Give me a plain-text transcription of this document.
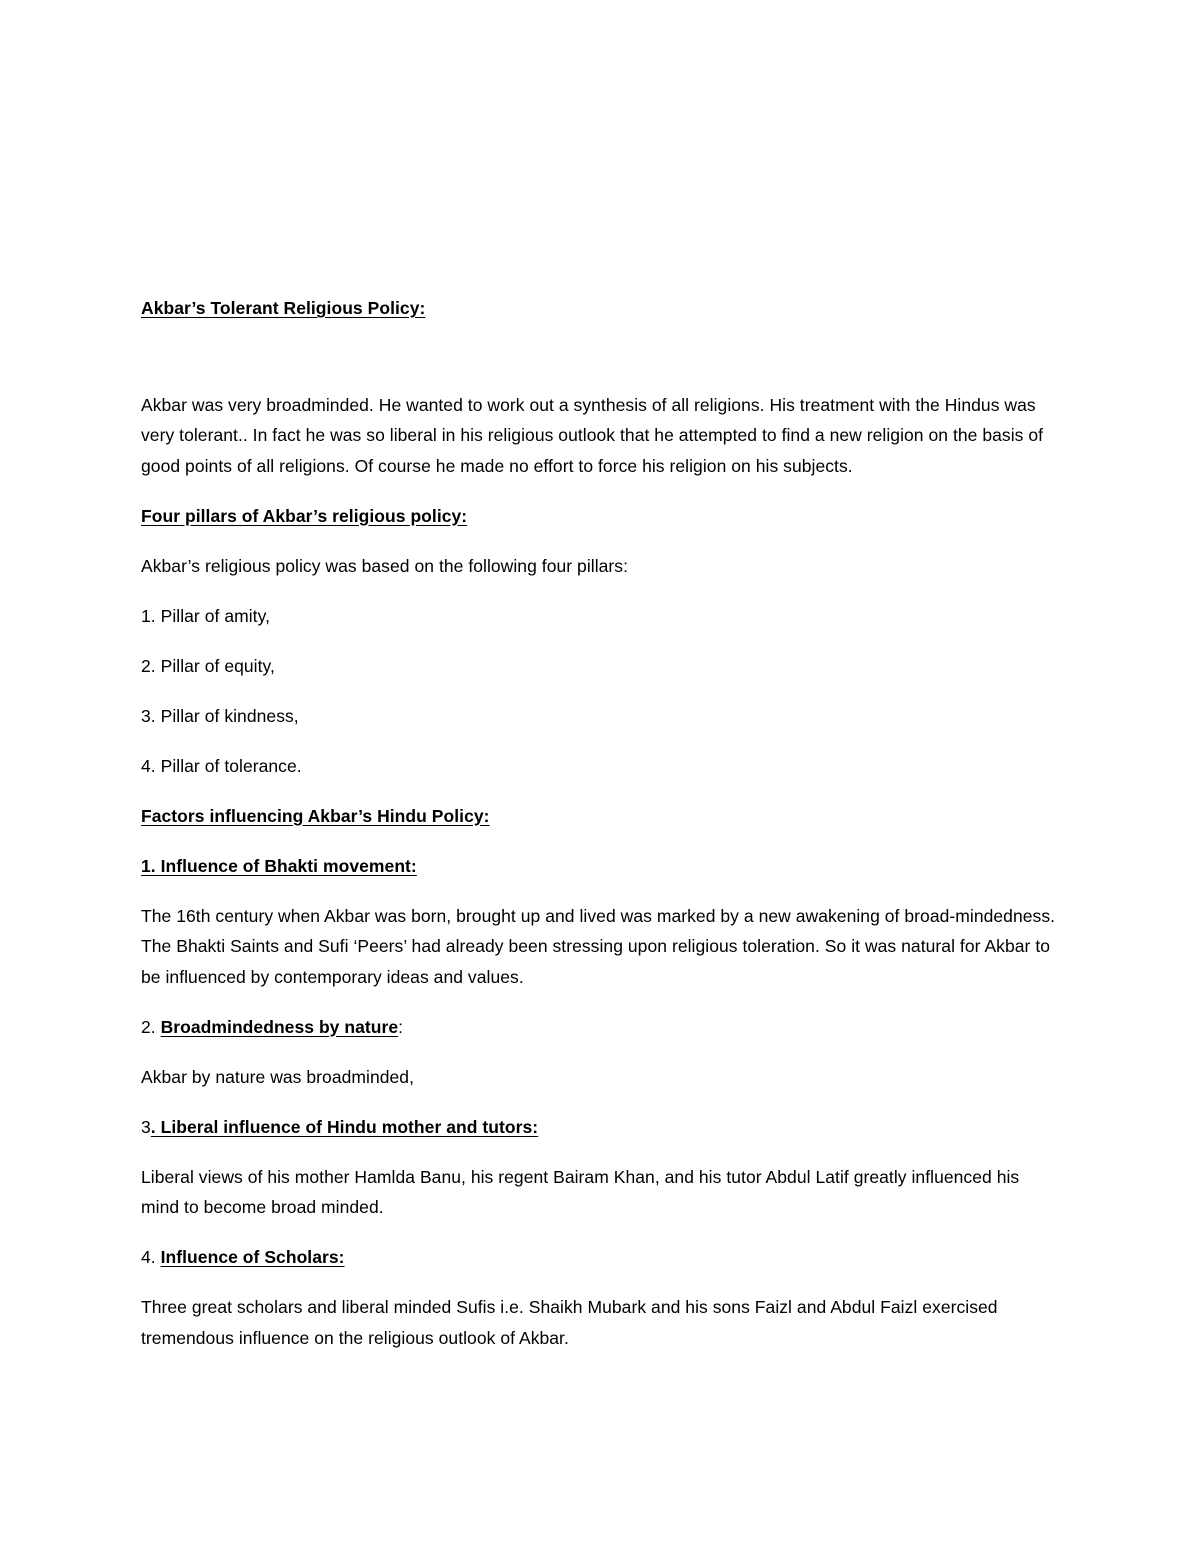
Akbar’s Tolerant Religious Policy:

Akbar was very broadminded. He wanted to work out a synthesis of all religions. His treatment with the Hindus was very tolerant.. In fact he was so liberal in his religious outlook that he attempted to find a new religion on the basis of good points of all religions. Of course he made no effort to force his religion on his subjects.

Four pillars of Akbar’s religious policy:

Akbar’s religious policy was based on the following four pillars:

1. Pillar of amity,

2. Pillar of equity,

3. Pillar of kindness,

4. Pillar of tolerance.

Factors influencing Akbar’s Hindu Policy:

1. Influence of Bhakti movement:

The 16th century when Akbar was born, brought up and lived was marked by a new awakening of broad-mindedness. The Bhakti Saints and Sufi ‘Peers’ had already been stressing upon religious toleration. So it was natural for Akbar to be influenced by contemporary ideas and values.

2. Broadmindedness by nature:

Akbar by nature was broadminded,

3. Liberal influence of Hindu mother and tutors:

Liberal views of his mother Hamlda Banu, his regent Bairam Khan, and his tutor Abdul Latif greatly influenced his mind to become broad minded.

4. Influence of Scholars:

Three great scholars and liberal minded Sufis i.e. Shaikh Mubark and his sons Faizl and Abdul Faizl exercised tremendous influence on the religious outlook of Akbar.
